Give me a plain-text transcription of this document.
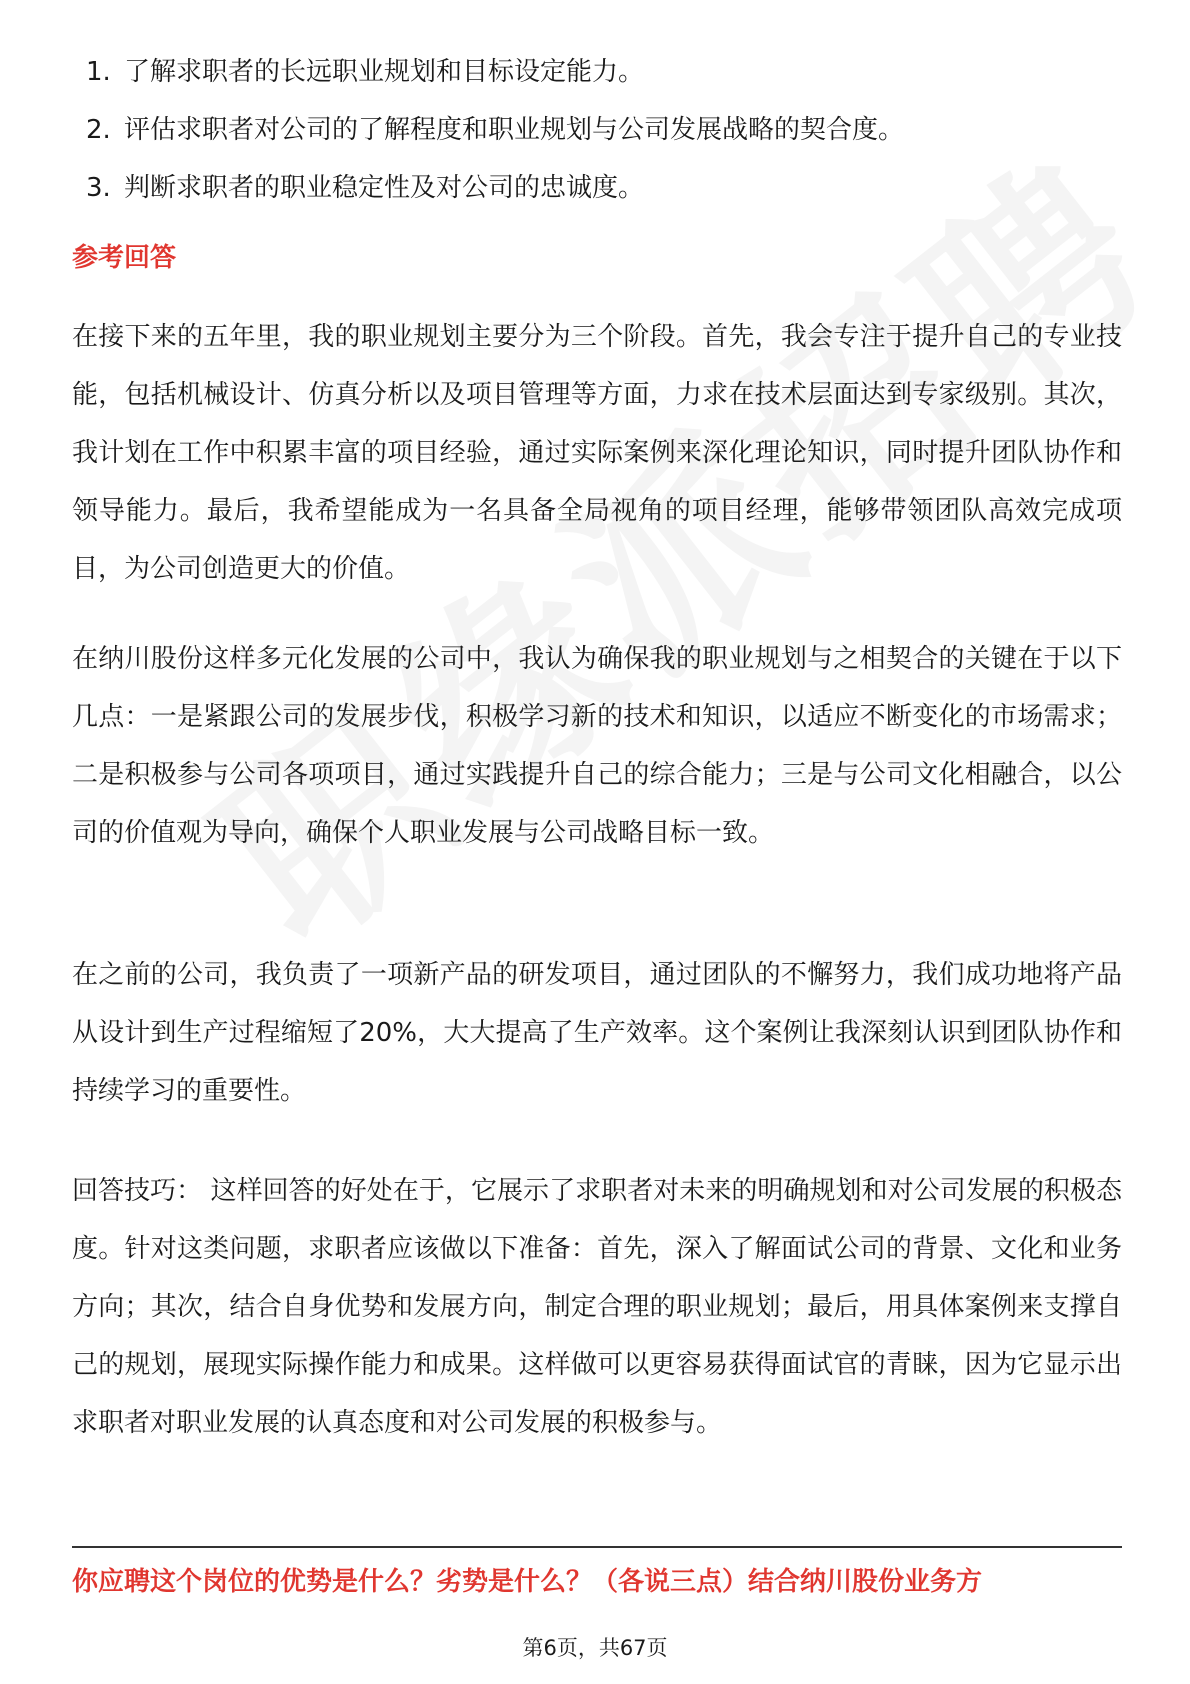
1. 了解求职者的长远职业规划和目标设定能力。
2. 评估求职者对公司的了解程度和职业规划与公司发展战略的契合度。
3. 判断求职者的职业稳定性及对公司的忠诚度。
参考回答

在接下来的五年里，我的职业规划主要分为三个阶段。首先，我会专注于提升自己的专业技能，包括机械设计、仿真分析以及项目管理等方面，力求在技术层面达到专家级别。其次，我计划在工作中积累丰富的项目经验，通过实际案例来深化理论知识，同时提升团队协作和领导能力。最后，我希望能成为一名具备全局视角的项目经理，能够带领团队高效完成项目，为公司创造更大的价值。

在纳川股份这样多元化发展的公司中，我认为确保我的职业规划与之相契合的关键在于以下几点：一是紧跟公司的发展步伐，积极学习新的技术和知识，以适应不断变化的市场需求；二是积极参与公司各项项目，通过实践提升自己的综合能力；三是与公司文化相融合，以公司的价值观为导向，确保个人职业发展与公司战略目标一致。

在之前的公司，我负责了一项新产品的研发项目，通过团队的不懈努力，我们成功地将产品从设计到生产过程缩短了20%，大大提高了生产效率。这个案例让我深刻认识到团队协作和持续学习的重要性。

回答技巧： 这样回答的好处在于，它展示了求职者对未来的明确规划和对公司发展的积极态度。针对这类问题，求职者应该做以下准备：首先，深入了解面试公司的背景、文化和业务方向；其次，结合自身优势和发展方向，制定合理的职业规划；最后，用具体案例来支撑自己的规划，展现实际操作能力和成果。这样做可以更容易获得面试官的青睐，因为它显示出求职者对职业发展的认真态度和对公司发展的积极参与。

你应聘这个岗位的优势是什么？劣势是什么？（各说三点）结合纳川股份业务方
第6页，共67页
